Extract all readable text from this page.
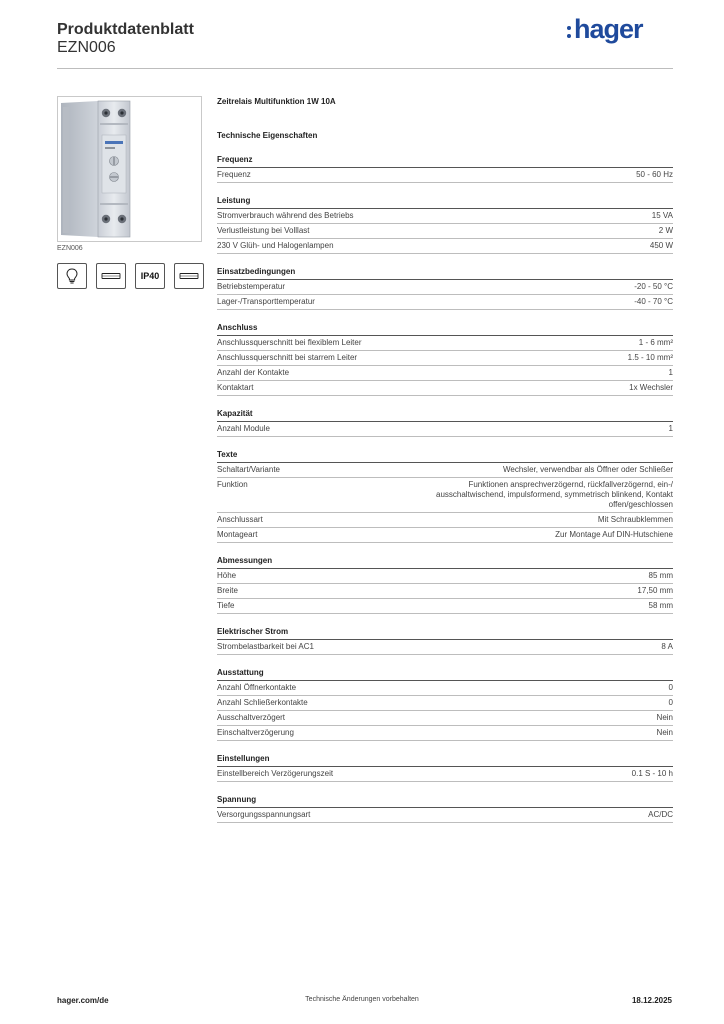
Produktdatenblatt
EZN006
hager
EZN006
IP40
Zeitrelais Multifunktion 1W 10A
Technische Eigenschaften
Frequenz
Frequenz	50 - 60 Hz
Leistung
Stromverbrauch während des Betriebs	15 VA
Verlustleistung bei Volllast	2 W
230 V Glüh- und Halogenlampen	450 W
Einsatzbedingungen
Betriebstemperatur	-20 - 50 °C
Lager-/Transporttemperatur	-40 - 70 °C
Anschluss
Anschlussquerschnitt bei flexiblem Leiter	1 - 6 mm²
Anschlussquerschnitt bei starrem Leiter	1.5 - 10 mm²
Anzahl der Kontakte	1
Kontaktart	1x Wechsler
Kapazität
Anzahl Module	1
Texte
Schaltart/Variante	Wechsler, verwendbar als Öffner oder Schließer
Funktion	Funktionen ansprechverzögernd, rückfallverzögernd, ein-/ ausschaltwischend, impulsformend, symmetrisch blinkend, Kontakt offen/geschlossen
Anschlussart	Mit Schraubklemmen
Montageart	Zur Montage Auf DIN-Hutschiene
Abmessungen
Höhe	85 mm
Breite	17,50 mm
Tiefe	58 mm
Elektrischer Strom
Strombelastbarkeit bei AC1	8 A
Ausstattung
Anzahl Öffnerkontakte	0
Anzahl Schließerkontakte	0
Ausschaltverzögert	Nein
Einschaltverzögerung	Nein
Einstellungen
Einstellbereich Verzögerungszeit	0.1 S - 10 h
Spannung
Versorgungsspannungsart	AC/DC
hager.com/de	Technische Änderungen vorbehalten	18.12.2025
